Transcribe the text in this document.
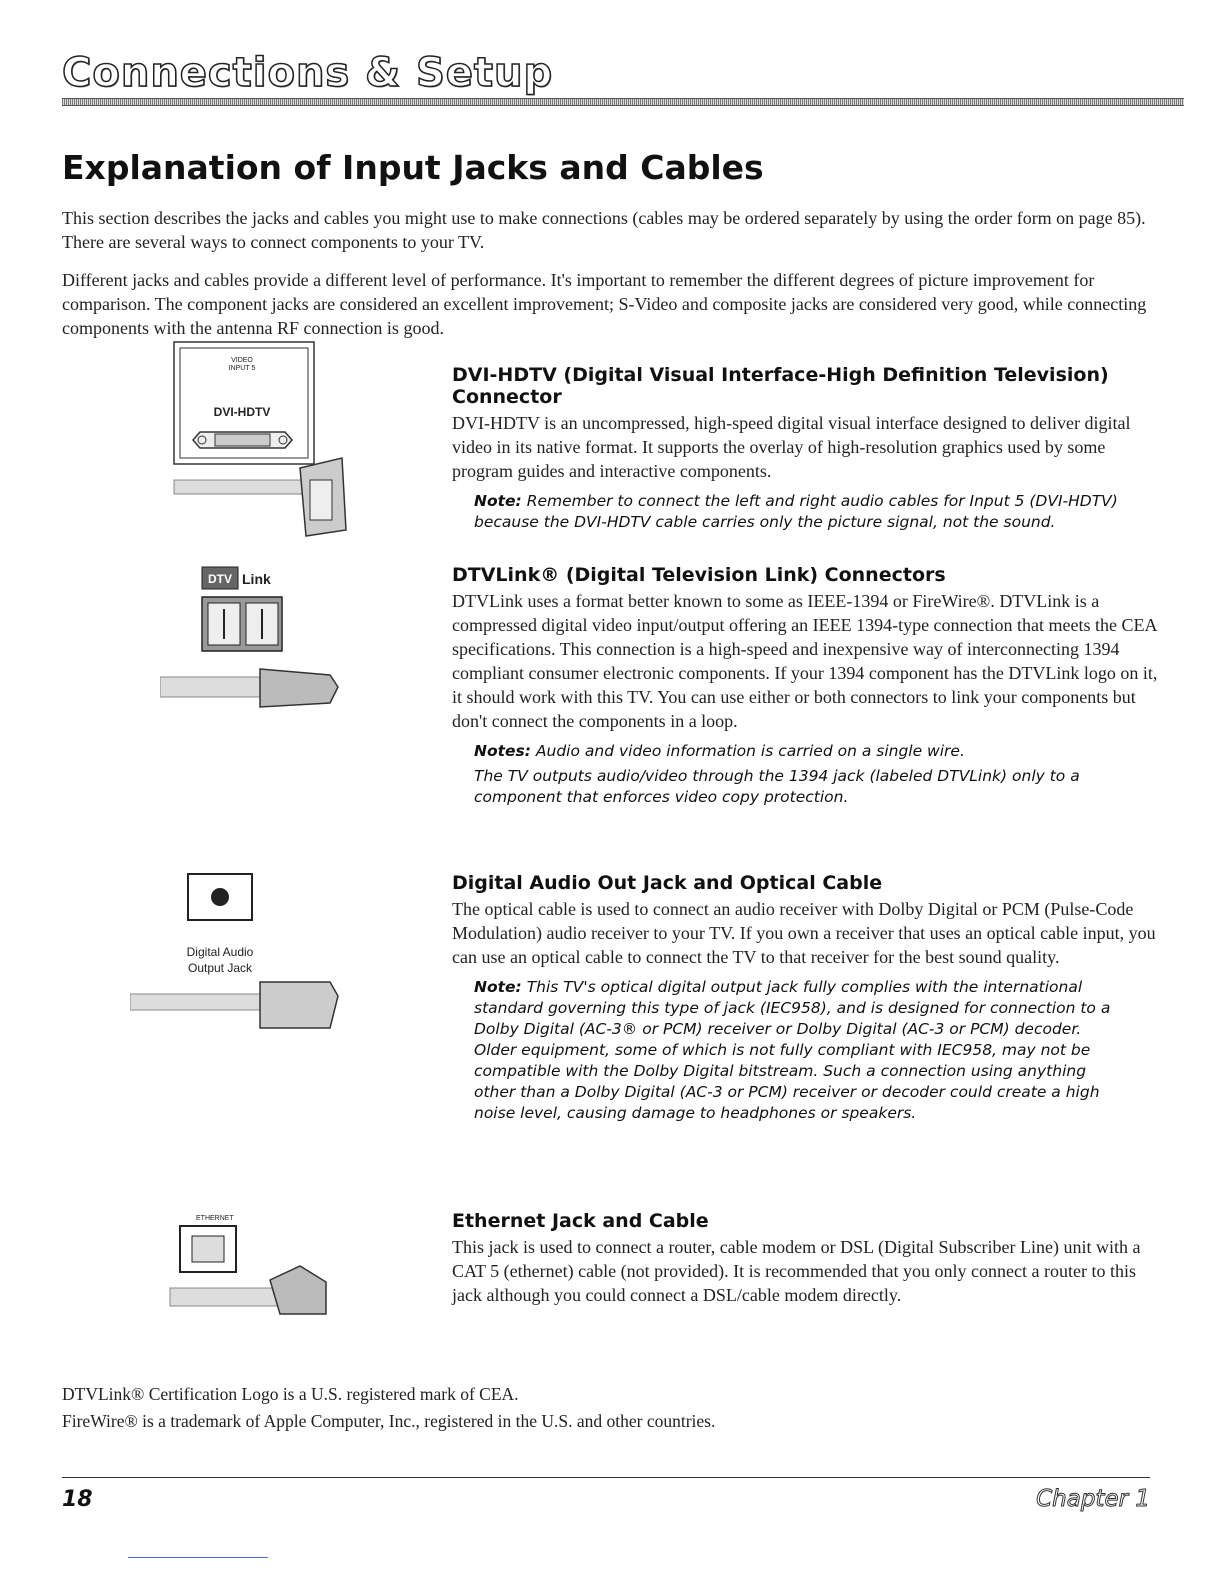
Connections & Setup
Explanation of Input Jacks and Cables

This section describes the jacks and cables you might use to make connections (cables may be ordered separately by using the order form on page 85). There are several ways to connect components to your TV.

Different jacks and cables provide a different level of performance. It's important to remember the different degrees of picture improvement for comparison. The component jacks are considered an excellent improvement; S-Video and composite jacks are considered very good, while connecting components with the antenna RF connection is good.

VIDEO
INPUT 5
DVI-HDTV
DTV Link
Digital Audio
Output Jack
ETHERNET
DVI-HDTV (Digital Visual Interface-High Definition Television) Connector

DVI-HDTV is an uncompressed, high-speed digital visual interface designed to deliver digital video in its native format. It supports the overlay of high-resolution graphics used by some program guides and interactive components.

Note: Remember to connect the left and right audio cables for Input 5 (DVI-HDTV) because the DVI-HDTV cable carries only the picture signal, not the sound.

DTVLink® (Digital Television Link) Connectors

DTVLink uses a format better known to some as IEEE-1394 or FireWire®. DTVLink is a compressed digital video input/output offering an IEEE 1394-type connection that meets the CEA specifications. This connection is a high-speed and inexpensive way of interconnecting 1394 compliant consumer electronic components. If your 1394 component has the DTVLink logo on it, it should work with this TV. You can use either or both connectors to link your components but don't connect the components in a loop.

Notes: Audio and video information is carried on a single wire.

The TV outputs audio/video through the 1394 jack (labeled DTVLink) only to a component that enforces video copy protection.

Digital Audio Out Jack and Optical Cable

The optical cable is used to connect an audio receiver with Dolby Digital or PCM (Pulse-Code Modulation) audio receiver to your TV. If you own a receiver that uses an optical cable input, you can use an optical cable to connect the TV to that receiver for the best sound quality.

Note: This TV's optical digital output jack fully complies with the international standard governing this type of jack (IEC958), and is designed for connection to a Dolby Digital (AC-3® or PCM) receiver or Dolby Digital (AC-3 or PCM) decoder. Older equipment, some of which is not fully compliant with IEC958, may not be compatible with the Dolby Digital bitstream. Such a connection using anything other than a Dolby Digital (AC-3 or PCM) receiver or decoder could create a high noise level, causing damage to headphones or speakers.

Ethernet Jack and Cable

This jack is used to connect a router, cable modem or DSL (Digital Subscriber Line) unit with a CAT 5 (ethernet) cable (not provided). It is recommended that you only connect a router to this jack although you could connect a DSL/cable modem directly.

DTVLink® Certification Logo is a U.S. registered mark of CEA.

FireWire® is a trademark of Apple Computer, Inc., registered in the U.S. and other countries.

18	Chapter 1
